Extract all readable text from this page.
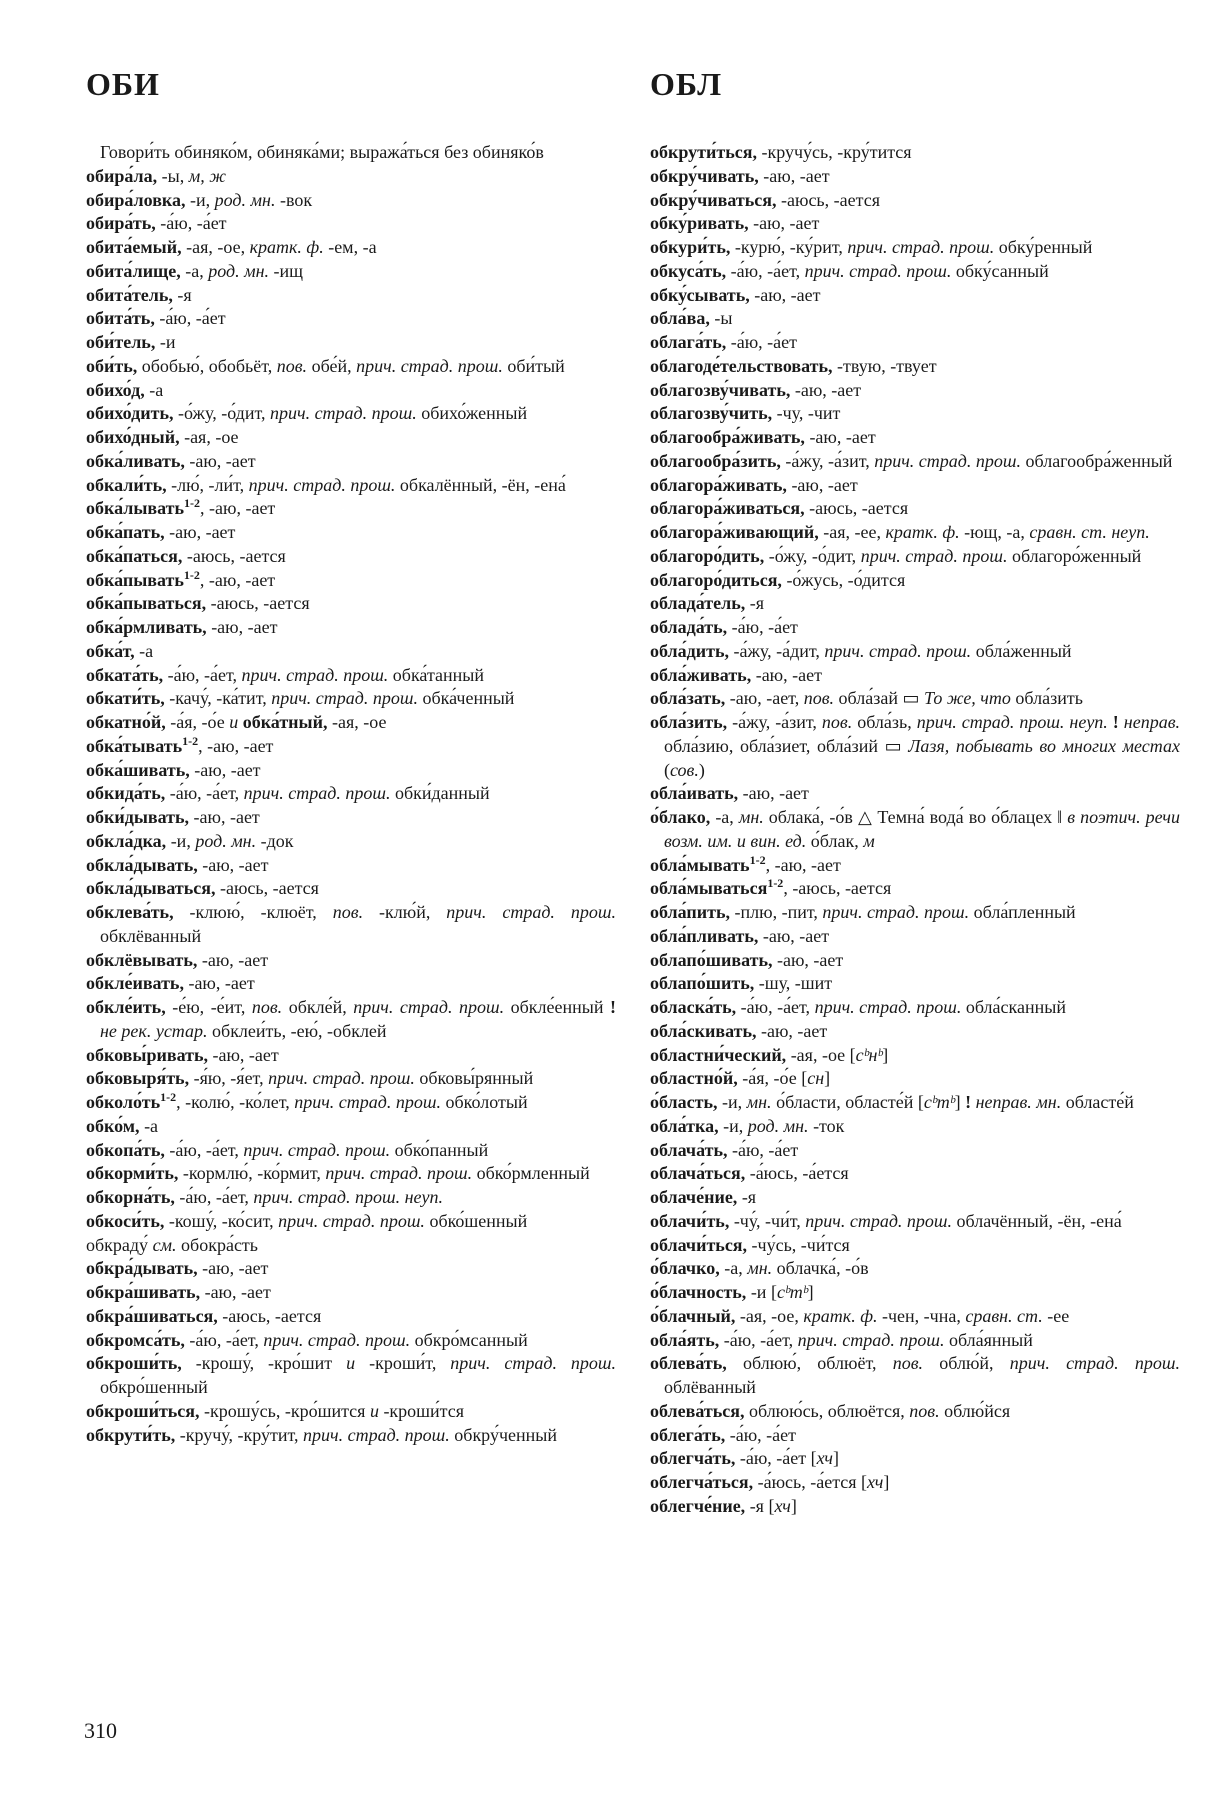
ОБИ	ОБЛ

Говори́ть обиняко́м, обиняка́ми; выража́ться без обиняко́в

обира́ла, -ы, м, ж

обира́ловка, -и, род. мн. -вок

обира́ть, -а́ю, -а́ет

обита́емый, -ая, -ое, кратк. ф. -ем, -а

обита́лище, -а, род. мн. -ищ

обита́тель, -я

обита́ть, -а́ю, -а́ет

оби́тель, -и

оби́ть, обобью́, обобьёт, пов. обе́й, прич. страд. прош. оби́тый

обихо́д, -а

обихо́дить, -о́жу, -о́дит, прич. страд. прош. обихо́женный

обихо́дный, -ая, -ое

обка́ливать, -аю, -ает

обкали́ть, -лю́, -ли́т, прич. страд. прош. обкалённый, -ён, -ена́

обка́лывать$^{1-2}$, -аю, -ает

обка́пать, -аю, -ает

обка́паться, -аюсь, -ается

обка́пывать$^{1-2}$, -аю, -ает

обка́пываться, -аюсь, -ается

обка́рмливать, -аю, -ает

обка́т, -а

обката́ть, -а́ю, -а́ет, прич. страд. прош. обка́танный

обкати́ть, -качу́, -ка́тит, прич. страд. прош. обка́ченный

обкатно́й, -а́я, -о́е и обка́тный, -ая, -ое

обка́тывать$^{1-2}$, -аю, -ает

обка́шивать, -аю, -ает

обкида́ть, -а́ю, -а́ет, прич. страд. прош. обки́данный

обки́дывать, -аю, -ает

обкла́дка, -и, род. мн. -док

обкла́дывать, -аю, -ает

обкла́дываться, -аюсь, -ается

обклева́ть, -клюю́, -клюёт, пов. -клю́й, прич. страд. прош. обклёванный

обклёвывать, -аю, -ает

обкле́ивать, -аю, -ает

обкле́ить, -е́ю, -е́ит, пов. обкле́й, прич. страд. прош. обкле́енный ! не рек. устар. обклеи́ть, -ею́, -обклей

обковы́ривать, -аю, -ает

обковыря́ть, -я́ю, -я́ет, прич. страд. прош. обковы́рянный

$обколо́ть^{1-2}$, -колю́, -ко́лет, прич. страд. прош. обко́лотый

обко́м, -а

обкопа́ть, -а́ю, -а́ет, прич. страд. прош. обко́панный

обкорми́ть, -кормлю́, -ко́рмит, прич. страд. прош. обко́рмленный

обкорна́ть, -а́ю, -а́ет, прич. страд. прош. неуп.

обкоси́ть, -кошу́, -ко́сит, прич. страд. прош. обко́шенный

обкраду́ см. обокра́сть

обкра́дывать, -аю, -ает

обкра́шивать, -аю, -ает

обкра́шиваться, -аюсь, -ается

обкромса́ть, -а́ю, -а́ет, прич. страд. прош. обкро́мсанный

обкроши́ть, -крошу́, -кро́шит и -кроши́т, прич. страд. прош. обкро́шенный

обкроши́ться, -крошу́сь, -кро́шится и -кроши́тся

обкрути́ть, -кручу́, -кру́тит, прич. страд. прош. обкру́ченный

обкрути́ться, -кручу́сь, -кру́тится

обкру́чивать, -аю, -ает

обкру́чиваться, -аюсь, -ается

обку́ривать, -аю, -ает

обкури́ть, -курю́, -ку́рит, прич. страд. прош. обку́ренный

обкуса́ть, -а́ю, -а́ет, прич. страд. прош. обку́санный

обку́сывать, -аю, -ает

обла́ва, -ы

облага́ть, -а́ю, -а́ет

облагоде́тельствовать, -твую, -твует

облагозву́чивать, -аю, -ает

облагозву́чить, -чу, -чит

облагообра́живать, -аю, -ает

облагообра́зить, -а́жу, -а́зит, прич. страд. прош. облагообра́женный

облагора́живать, -аю, -ает

облагора́живаться, -аюсь, -ается

облагора́живающий, -ая, -ее, кратк. ф. -ющ, -а, сравн. ст. неуп.

облагоро́дить, -о́жу, -о́дит, прич. страд. прош. облагоро́женный

облагоро́диться, -о́жусь, -о́дится

облада́тель, -я

облада́ть, -а́ю, -а́ет

обла́дить, -а́жу, -а́дит, прич. страд. прош. обла́женный

обла́живать, -аю, -ает

обла́зать, -аю, -ает, пов. обла́зай ▭ То же, что обла́зить

обла́зить, -а́жу, -а́зит, пов. обла́зь, прич. страд. прош. неуп. ! неправ. обла́зию, обла́зиет, обла́зий ▭ Лазя, побывать во многих местах (сов.)

обла́ивать, -аю, -ает

о́блако, -а, мн. облака́, -о́в △ Темна́ вода́ во о́блацех ‖ в поэтич. речи возм. им. и вин. ед. о́блак, м

обла́мывать$^{1-2}$, -аю, -ает

обла́мываться$^{1-2}$, -аюсь, -ается

обла́пить, -плю, -пит, прич. страд. прош. обла́пленный

обла́пливать, -аю, -ает

облапо́шивать, -аю, -ает

облапо́шить, -шу, -шит

обласка́ть, -а́ю, -а́ет, прич. страд. прош. обла́сканный

обла́скивать, -аю, -ает

областни́ческий, -ая, -ое [сᵇнᵇ]

областно́й, -а́я, -о́е [сн]

о́бласть, -и, мн. о́бласти, областе́й [сᵇтᵇ] ! неправ. мн. областе́й

обла́тка, -и, род. мн. -ток

облача́ть, -а́ю, -а́ет

облача́ться, -а́юсь, -а́ется

облаче́ние, -я

облачи́ть, -чу́, -чи́т, прич. страд. прош. облачённый, -ён, -ена́

облачи́ться, -чу́сь, -чи́тся

о́блачко, -а, мн. облачка́, -о́в

о́блачность, -и [сᵇтᵇ]

о́блачный, -ая, -ое, кратк. ф. -чен, -чна, сравн. ст. -ее

обла́ять, -а́ю, -а́ет, прич. страд. прош. обла́янный

облева́ть, облюю́, облюёт, пов. облю́й, прич. страд. прош. облёванный

облева́ться, облюю́сь, облюётся, пов. облю́йся

облега́ть, -а́ю, -а́ет

облегча́ть, -а́ю, -а́ет [хч]

облегча́ться, -а́юсь, -а́ется [хч]

облегче́ние, -я [хч]

310
